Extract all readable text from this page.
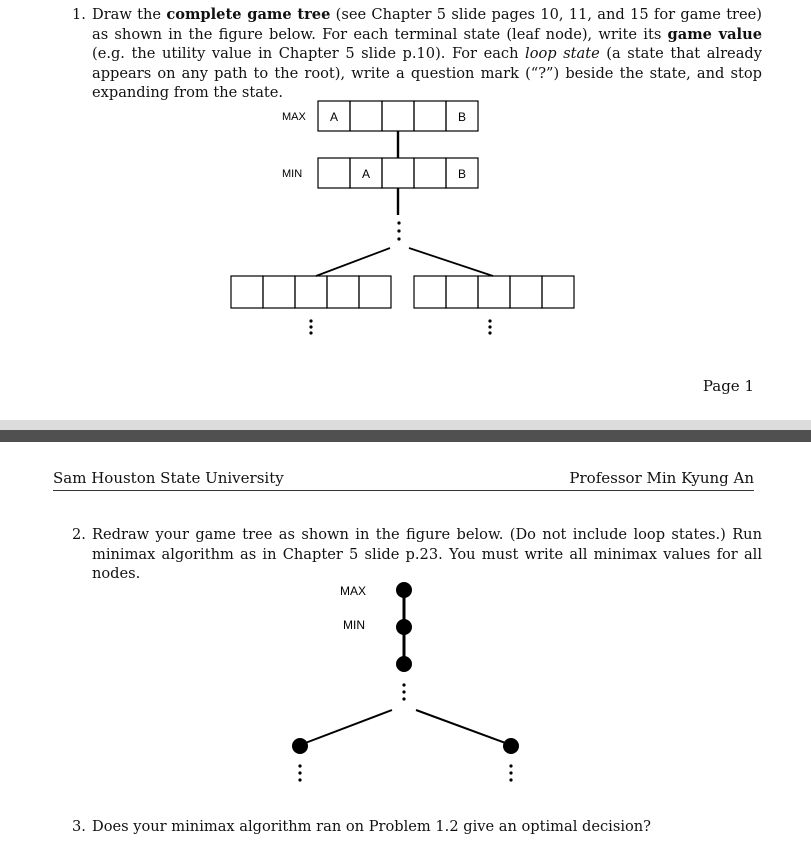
1. Draw the complete game tree (see Chapter 5 slide pages 10, 11, and 15 for game tree) as shown in the figure below. For each terminal state (leaf node), write its game value (e.g. the utility value in Chapter 5 slide p.10). For each loop state (a state that already appears on any path to the root), write a question mark (“?”) beside the state, and stop expanding from the state.
MAX
MIN
A	B
A	B
Page 1
Sam Houston State University	Professor Min Kyung An
2. Redraw your game tree as shown in the figure below. (Do not include loop states.) Run minimax algorithm as in Chapter 5 slide p.23. You must write all minimax values for all nodes.
MAX
MIN
3. Does your minimax algorithm ran on Problem 1.2 give an optimal decision?
